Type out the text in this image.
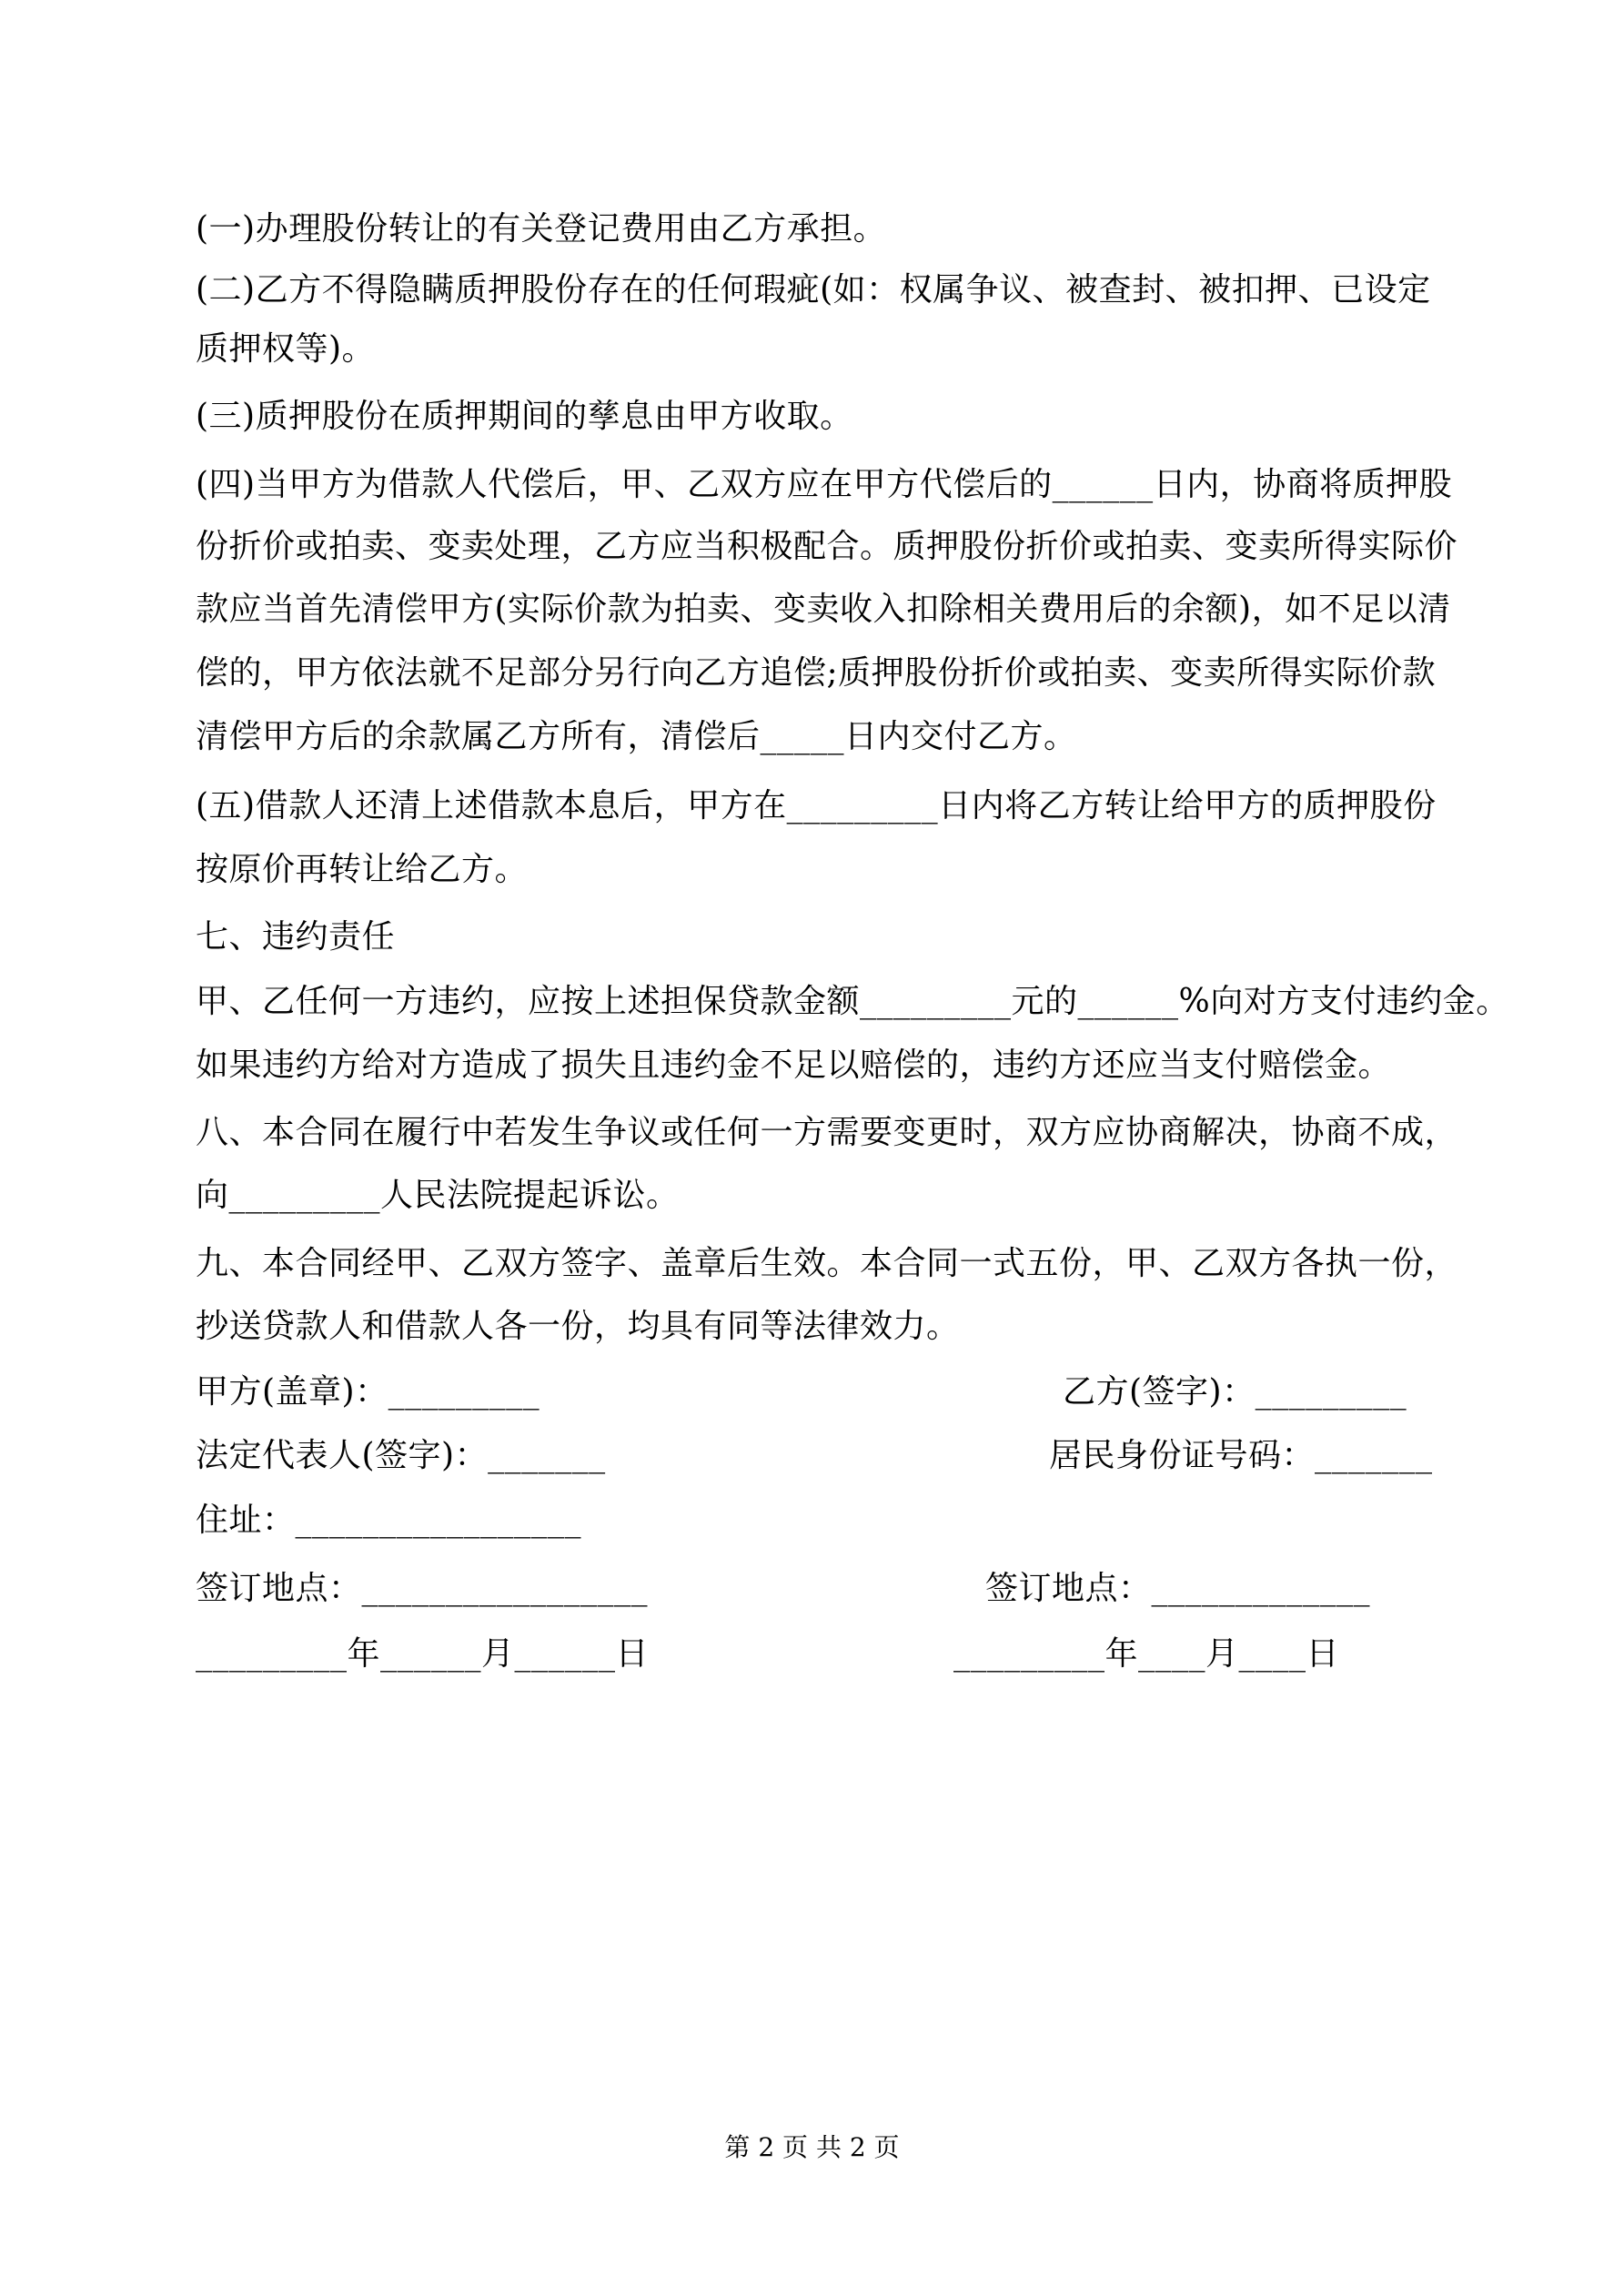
(一)办理股份转让的有关登记费用由乙方承担。
(二)乙方不得隐瞒质押股份存在的任何瑕疵(如：权属争议、被查封、被扣押、已设定
质押权等)。
(三)质押股份在质押期间的孳息由甲方收取。
(四)当甲方为借款人代偿后，甲、乙双方应在甲方代偿后的______日内，协商将质押股
份折价或拍卖、变卖处理，乙方应当积极配合。质押股份折价或拍卖、变卖所得实际价
款应当首先清偿甲方(实际价款为拍卖、变卖收入扣除相关费用后的余额)，如不足以清
偿的，甲方依法就不足部分另行向乙方追偿;质押股份折价或拍卖、变卖所得实际价款
清偿甲方后的余款属乙方所有，清偿后_____日内交付乙方。
(五)借款人还清上述借款本息后，甲方在_________日内将乙方转让给甲方的质押股份
按原价再转让给乙方。
七、违约责任
甲、乙任何一方违约，应按上述担保贷款金额_________元的______%向对方支付违约金。
如果违约方给对方造成了损失且违约金不足以赔偿的，违约方还应当支付赔偿金。
八、本合同在履行中若发生争议或任何一方需要变更时，双方应协商解决，协商不成，
向_________人民法院提起诉讼。
九、本合同经甲、乙双方签字、盖章后生效。本合同一式五份，甲、乙双方各执一份，
抄送贷款人和借款人各一份，均具有同等法律效力。
甲方(盖章)：_________	乙方(签字)：_________
法定代表人(签字)：_______	居民身份证号码：_______
住址：_________________
签订地点：_________________	签订地点：_____________
_________年______月______日	_________年____月____日
第 2 页 共 2 页
